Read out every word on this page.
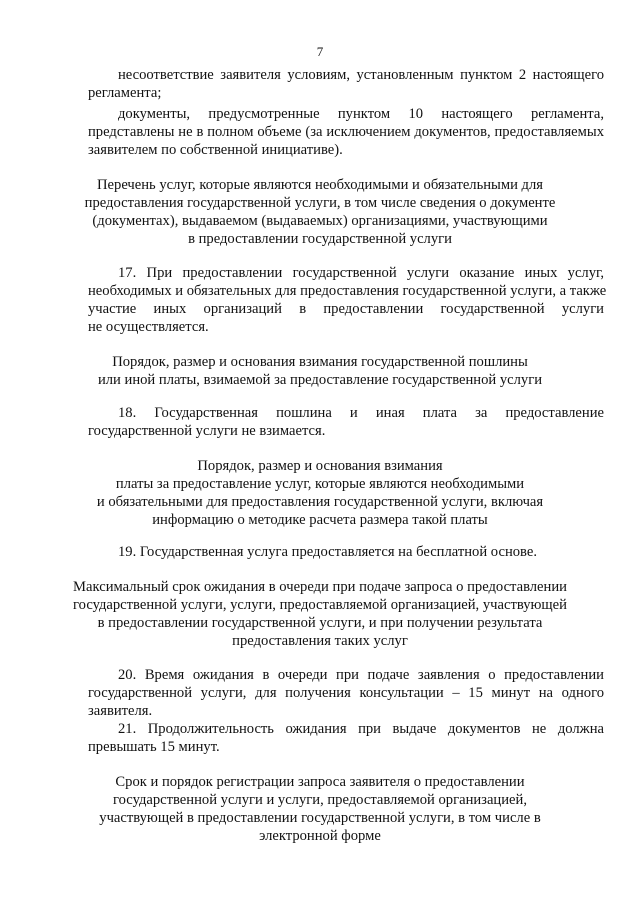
7

несоответствие заявителя условиям, установленным пунктом 2 настоящего

регламента;

документы, предусмотренные пунктом 10 настоящего регламента,

представлены не в полном объеме (за исключением документов, предоставляемых

заявителем по собственной инициативе).

Перечень услуг, которые являются необходимыми и обязательными для

предоставления государственной услуги, в том числе сведения о документе

(документах), выдаваемом (выдаваемых) организациями, участвующими

в предоставлении государственной услуги

17. При предоставлении государственной услуги оказание иных услуг,

необходимых и обязательных для предоставления государственной услуги, а также

участие иных организаций в предоставлении государственной услуги

не осуществляется.

Порядок, размер и основания взимания государственной пошлины

или иной платы, взимаемой за предоставление государственной услуги

18. Государственная пошлина и иная плата за предоставление

государственной услуги не взимается.

Порядок, размер и основания взимания

платы за предоставление услуг, которые являются необходимыми

и обязательными для предоставления государственной услуги, включая

информацию о методике расчета размера такой платы

19. Государственная услуга предоставляется на бесплатной основе.

Максимальный срок ожидания в очереди при подаче запроса о предоставлении

государственной услуги, услуги, предоставляемой организацией, участвующей

в предоставлении государственной услуги, и при получении результата

предоставления таких услуг

20. Время ожидания в очереди при подаче заявления о предоставлении

государственной услуги, для получения консультации – 15 минут на одного

заявителя.

21. Продолжительность ожидания при выдаче документов не должна

превышать 15 минут.

Срок и порядок регистрации запроса заявителя о предоставлении

государственной услуги и услуги, предоставляемой организацией,

участвующей в предоставлении государственной услуги, в том числе в

электронной форме
